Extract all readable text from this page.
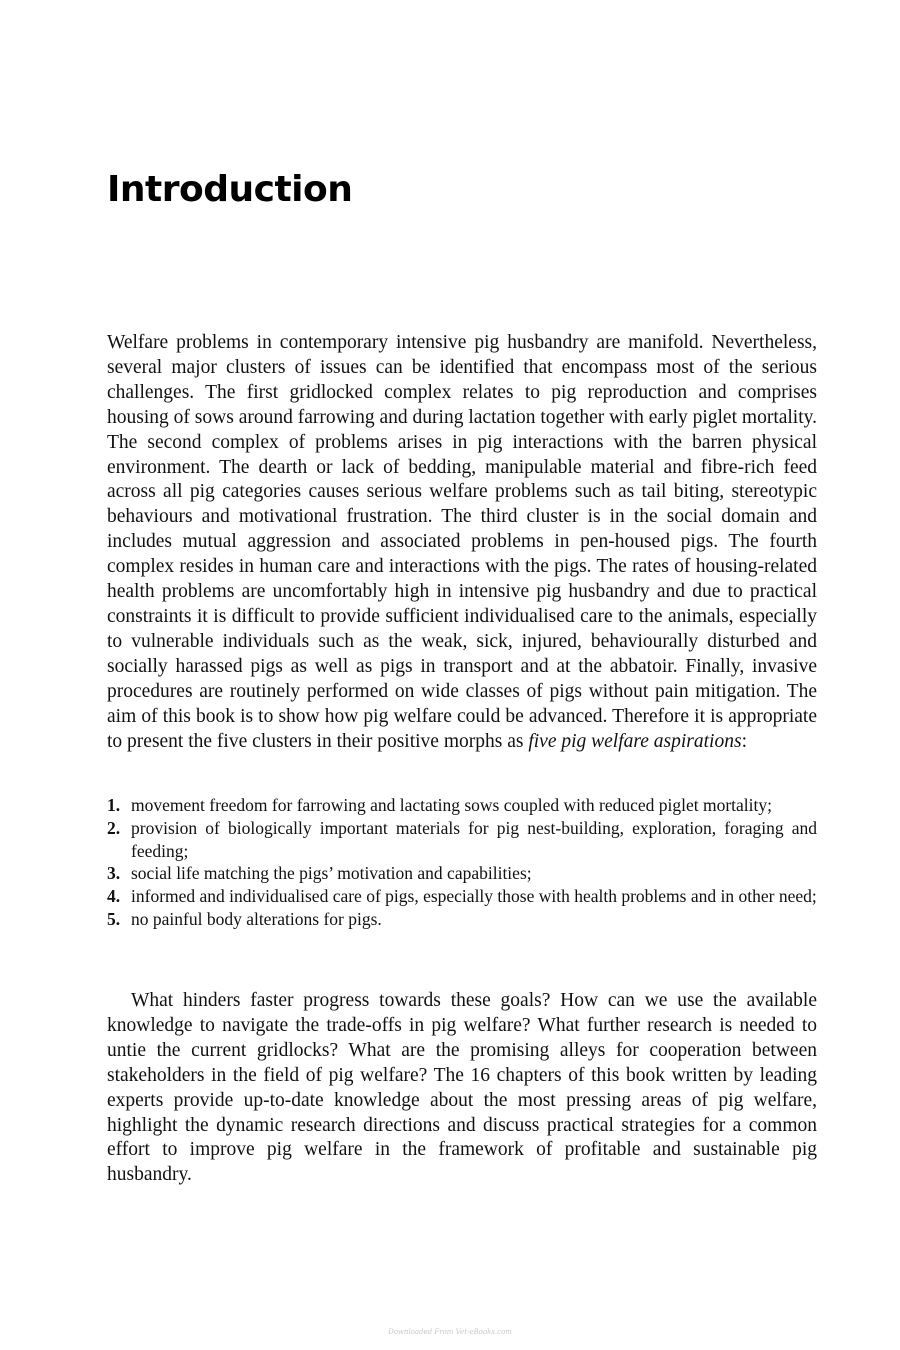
Introduction

Welfare problems in contemporary intensive pig husbandry are manifold. Nevertheless, several major clusters of issues can be identified that encompass most of the serious challenges. The first gridlocked complex relates to pig reproduction and comprises housing of sows around farrowing and during lactation together with early piglet mortality. The second complex of problems arises in pig interactions with the barren physical environment. The dearth or lack of bedding, manipulable material and fibre-rich feed across all pig categories causes serious welfare problems such as tail biting, stereotypic behaviours and motivational frustration. The third cluster is in the social domain and includes mutual aggression and associated problems in pen-housed pigs. The fourth complex resides in human care and interactions with the pigs. The rates of housing-related health problems are uncomfortably high in intensive pig husbandry and due to practical constraints it is difficult to provide sufficient individualised care to the animals, especially to vulnerable individuals such as the weak, sick, injured, behaviourally disturbed and socially harassed pigs as well as pigs in transport and at the abbatoir. Finally, invasive procedures are routinely performed on wide classes of pigs without pain mitigation. The aim of this book is to show how pig welfare could be advanced. Therefore it is appropriate to present the five clusters in their positive morphs as five pig welfare aspirations:

1. movement freedom for farrowing and lactating sows coupled with reduced piglet mortality;
2. provision of biologically important materials for pig nest-building, exploration, foraging and feeding;
3. social life matching the pigs’ motivation and capabilities;
4. informed and individualised care of pigs, especially those with health problems and in other need;
5. no painful body alterations for pigs.

What hinders faster progress towards these goals? How can we use the available knowledge to navigate the trade-offs in pig welfare? What further research is needed to untie the current gridlocks? What are the promising alleys for cooperation between stakeholders in the field of pig welfare? The 16 chapters of this book written by leading experts provide up-to-date knowledge about the most pressing areas of pig welfare, highlight the dynamic research directions and discuss practical strategies for a common effort to improve pig welfare in the framework of profitable and sustainable pig husbandry.

Downloaded From Vet-eBooks.com
